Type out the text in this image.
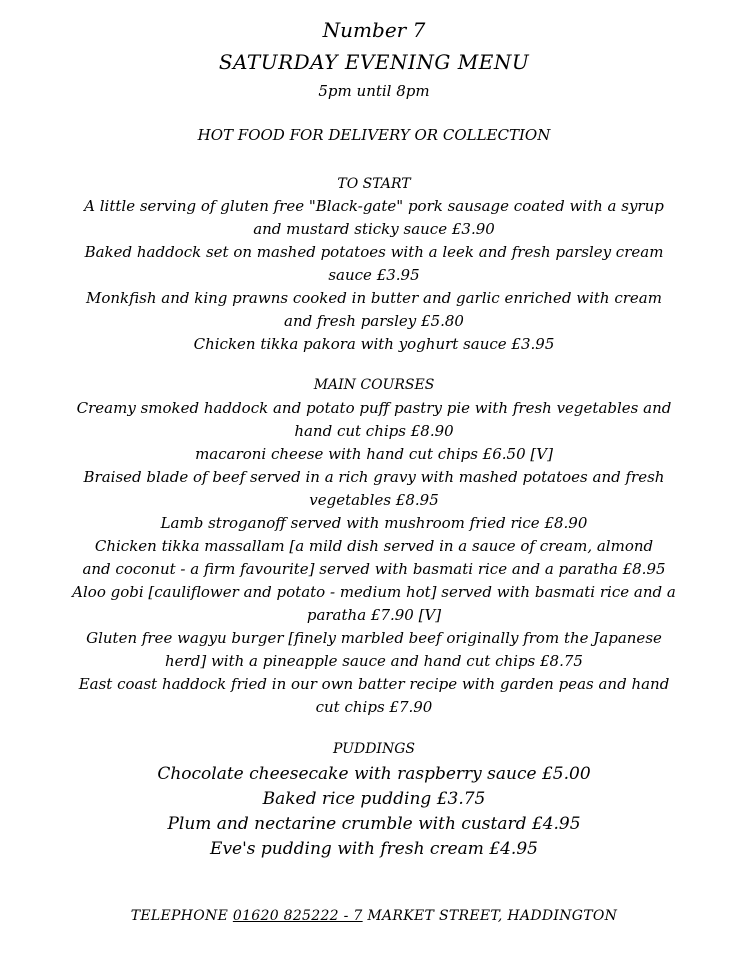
Number 7
SATURDAY EVENING MENU
5pm until 8pm
HOT FOOD FOR DELIVERY OR COLLECTION
TO START
A little serving of gluten free "Black-gate" pork sausage coated with a syrup
and mustard sticky sauce £3.90
Baked haddock set on mashed potatoes with a leek and fresh parsley cream
sauce £3.95
Monkfish and king prawns cooked in butter and garlic enriched with cream
and fresh parsley £5.80
Chicken tikka pakora with yoghurt sauce £3.95
MAIN COURSES
Creamy smoked haddock and potato puff pastry pie with fresh vegetables and
hand cut chips £8.90
macaroni cheese with hand cut chips £6.50 [V]
Braised blade of beef served in a rich gravy with mashed potatoes and fresh
vegetables £8.95
Lamb stroganoff served with mushroom fried rice £8.90
Chicken tikka massallam [a mild dish served in a sauce of cream, almond
and coconut - a firm favourite] served with basmati rice and a paratha £8.95
Aloo gobi [cauliflower and potato - medium hot] served with basmati rice and a
paratha £7.90 [V]
Gluten free wagyu burger [finely marbled beef originally from the Japanese
herd] with a pineapple sauce and hand cut chips £8.75
East coast haddock fried in our own batter recipe with garden peas and hand
cut chips £7.90
PUDDINGS
Chocolate cheesecake with raspberry sauce £5.00
Baked rice pudding £3.75
Plum and nectarine crumble with custard £4.95
Eve's pudding with fresh cream £4.95
TELEPHONE 01620 825222 - 7 MARKET STREET, HADDINGTON
